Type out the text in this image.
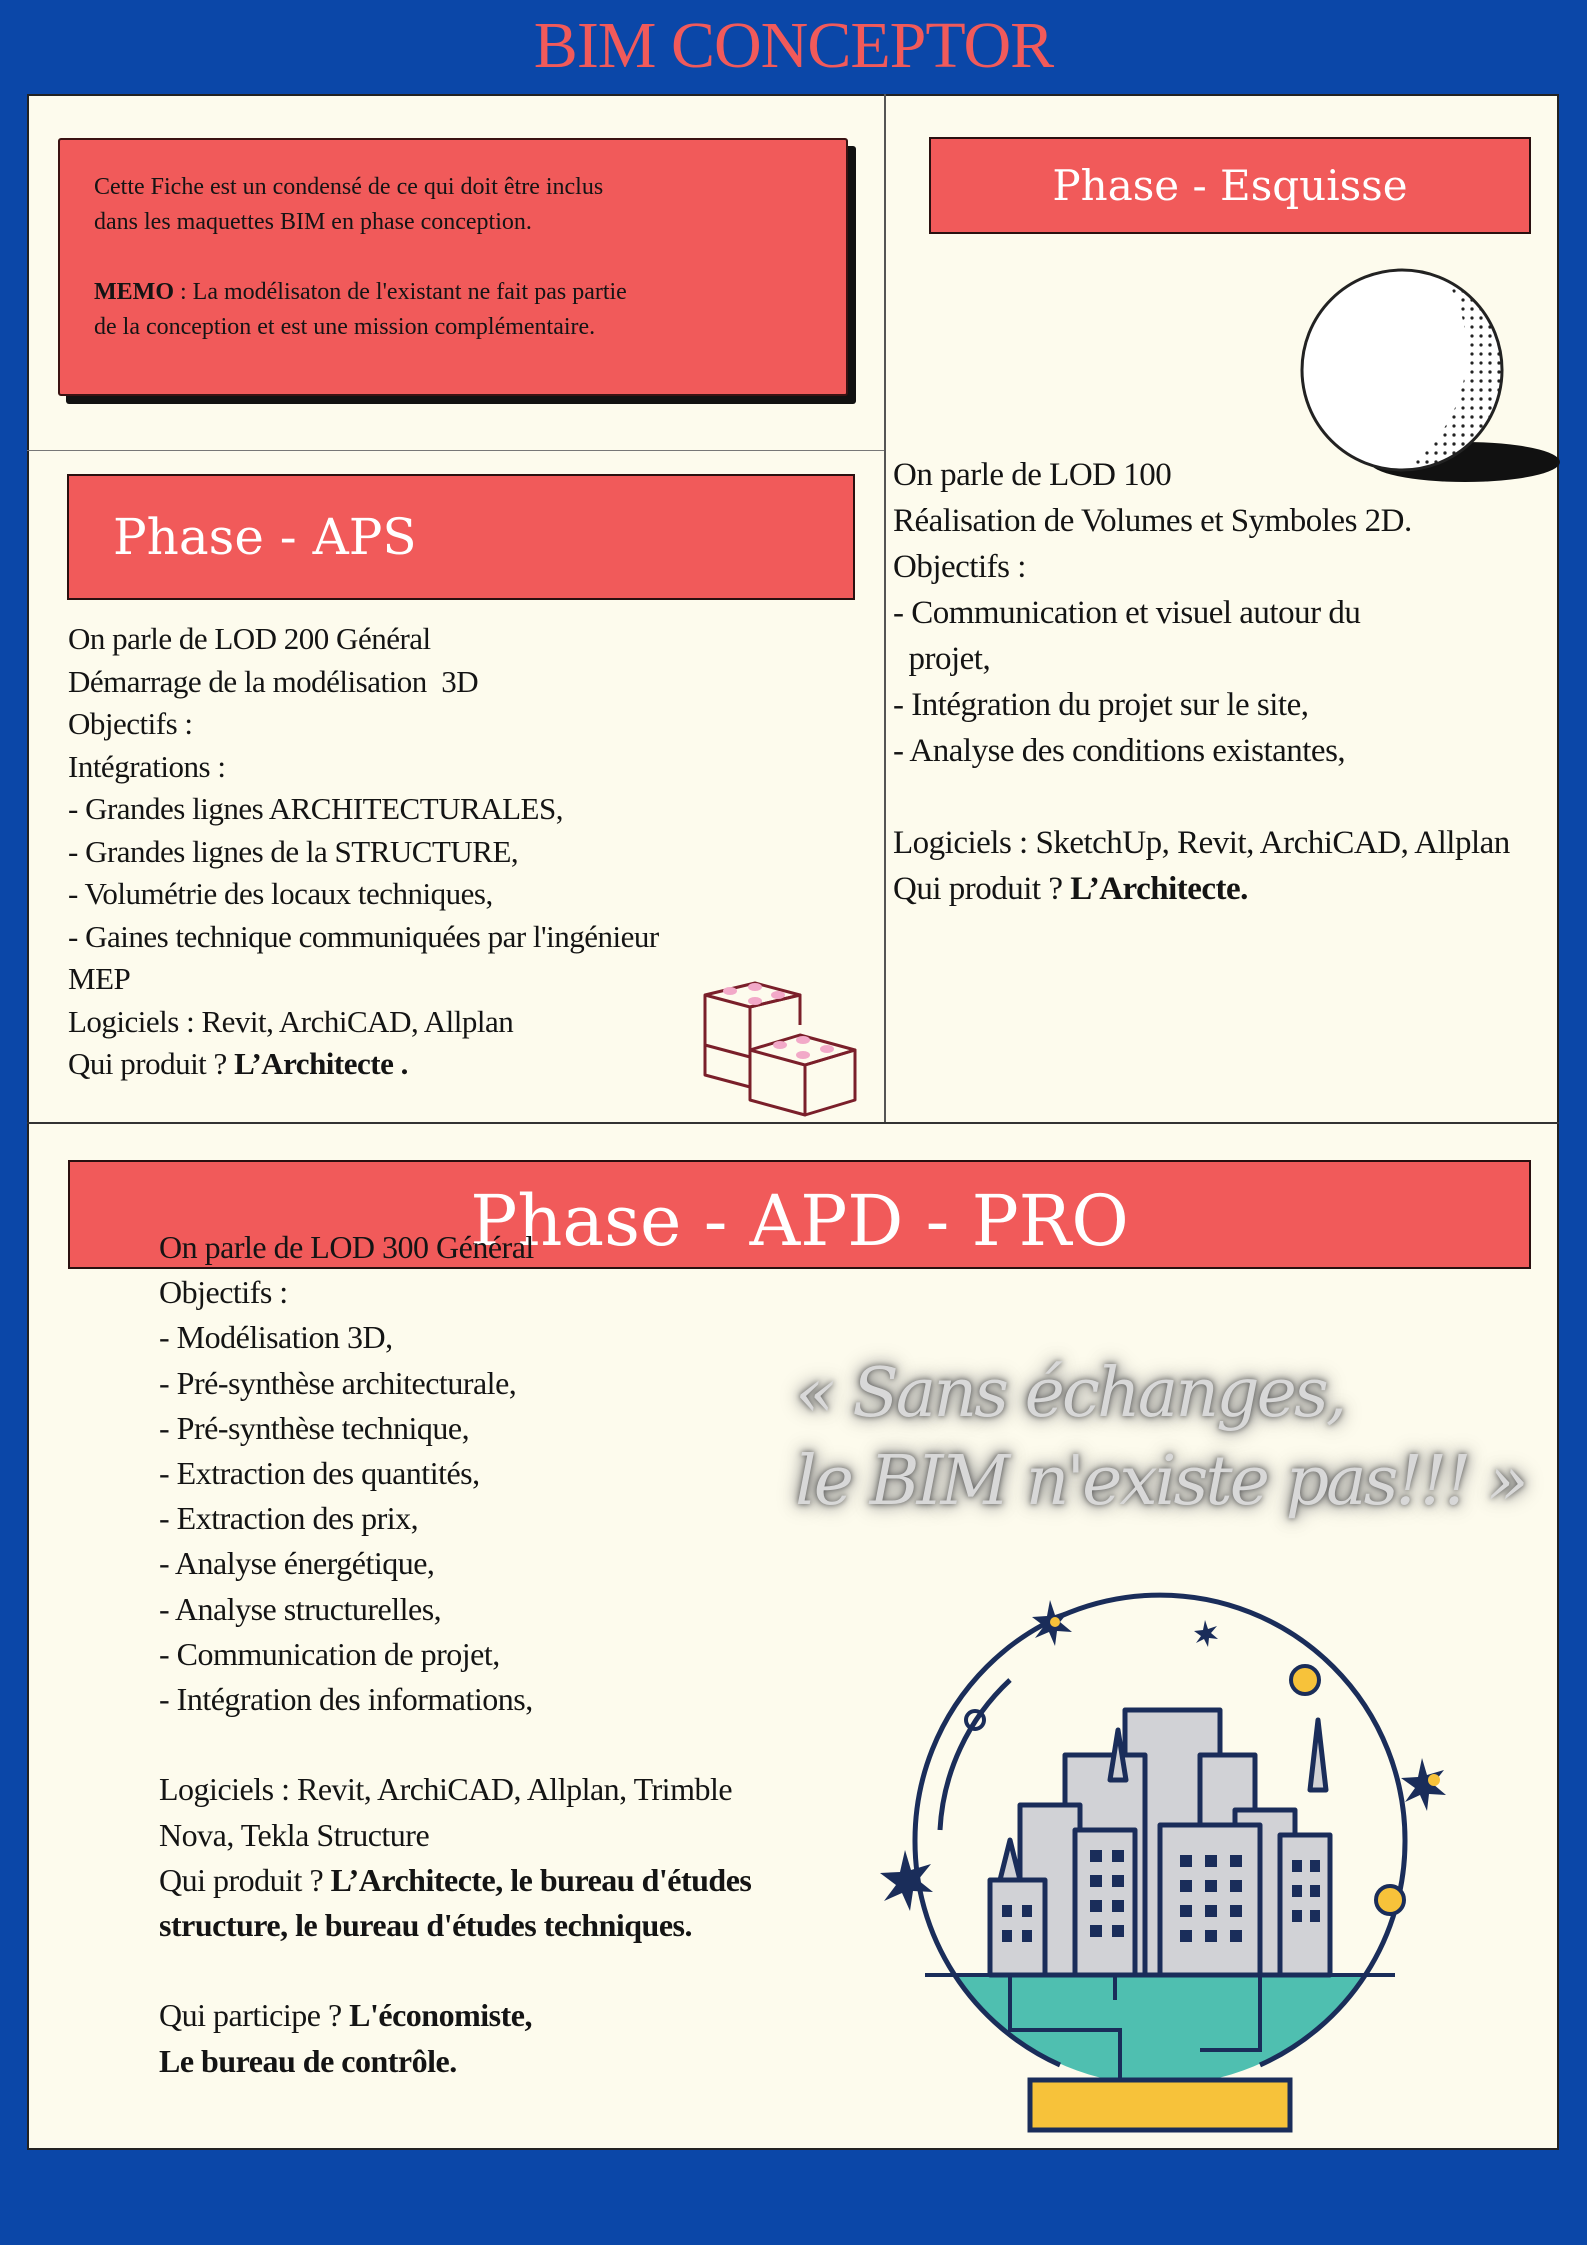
BIM CONCEPTOR

Cette Fiche est un condensé de ce qui doit être inclus

dans les maquettes BIM en phase conception.

MEMO : La modélisaton de l'existant ne fait pas partie

de la conception et est une mission complémentaire.

Phase - Esquisse
On parle de LOD 100
Réalisation de Volumes et Symboles 2D.
Objectifs :
- Communication et visuel autour du
projet,
- Intégration du projet sur le site,
- Analyse des conditions existantes,

Logiciels : SketchUp, Revit, ArchiCAD, Allplan
Qui produit ? L’Architecte.
Phase - APS
On parle de LOD 200 Général
Démarrage de la modélisation  3D
Objectifs :
Intégrations :
- Grandes lignes ARCHITECTURALES,
- Grandes lignes de la STRUCTURE,
- Volumétrie des locaux techniques,
- Gaines technique communiquées par l'ingénieur
MEP
Logiciels : Revit, ArchiCAD, Allplan
Qui produit ? L’Architecte .
Phase - APD - PRO
On parle de LOD 300 Général
Objectifs :
- Modélisation 3D,
- Pré-synthèse architecturale,
- Pré-synthèse technique,
- Extraction des quantités,
- Extraction des prix,
- Analyse énergétique,
- Analyse structurelles,
- Communication de projet,
- Intégration des informations,

Logiciels : Revit, ArchiCAD, Allplan, Trimble
Nova, Tekla Structure
Qui produit ? L’Architecte, le bureau d'études
structure, le bureau d'études techniques.

Qui participe ? L'économiste,
Le bureau de contrôle.
« Sans échanges,
le BIM n'existe pas!!! »
